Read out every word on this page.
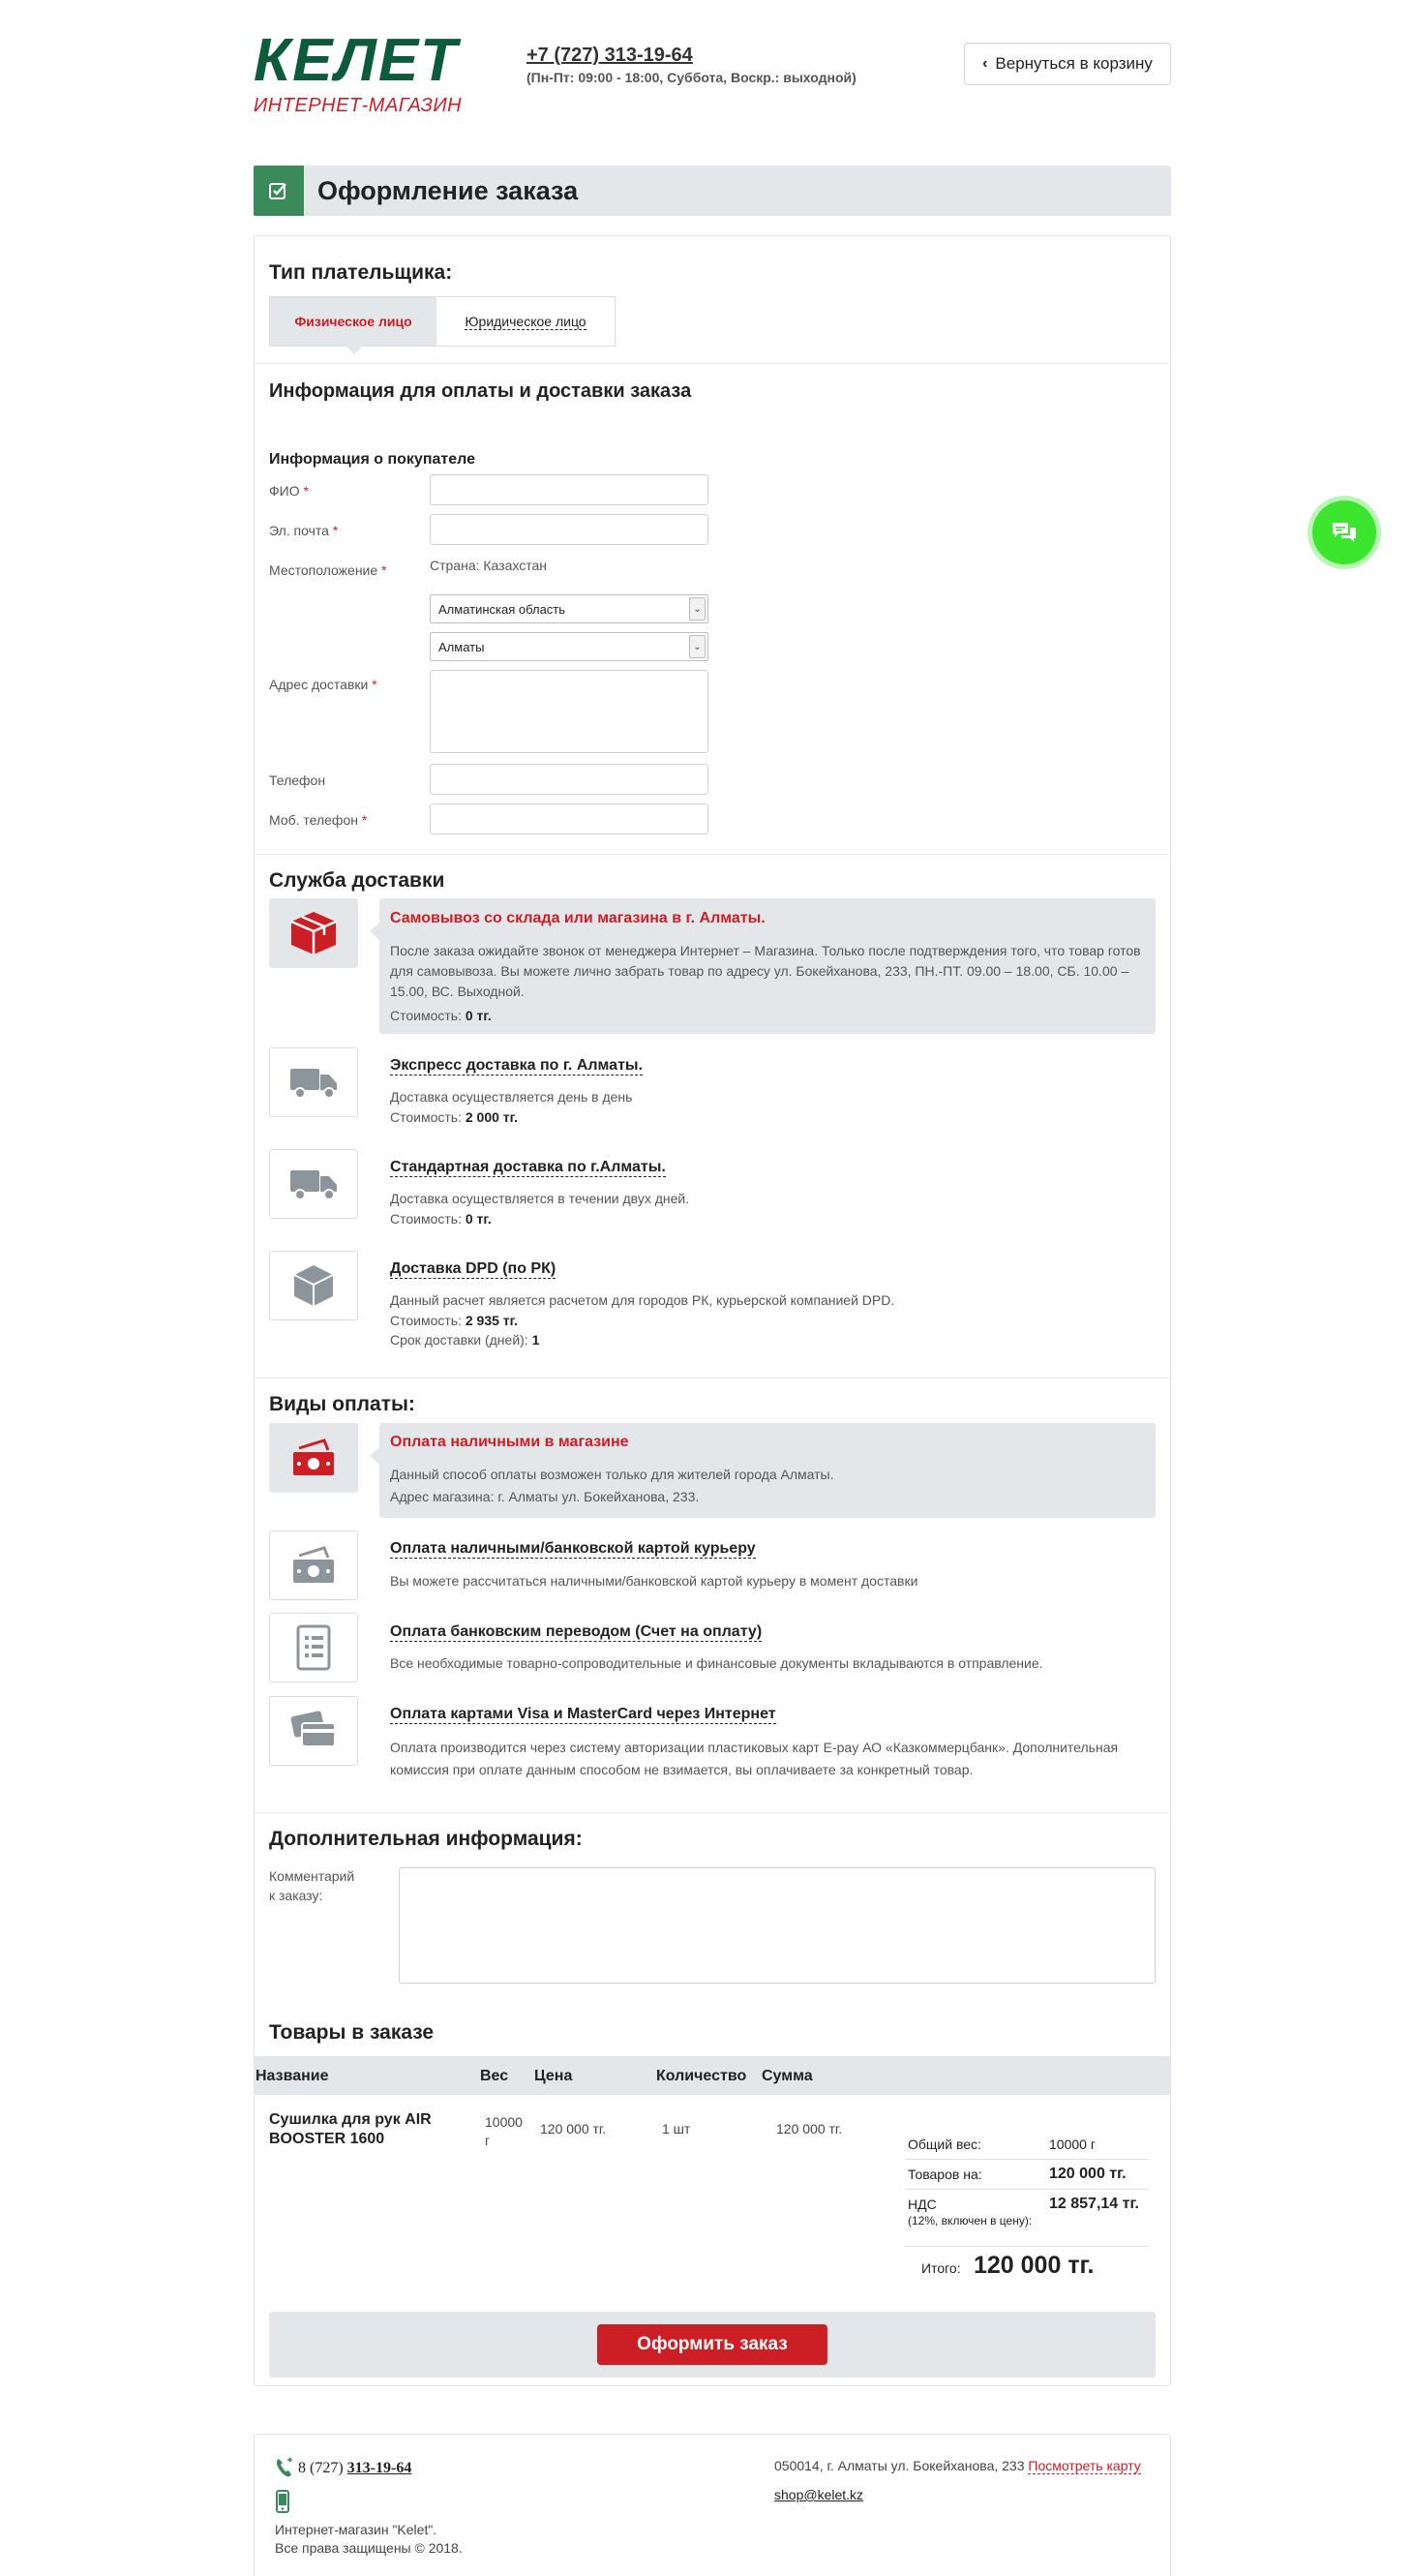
КЕЛЕТ
ИНТЕРНЕТ-МАГАЗИН
+7 (727) 313-19-64
(Пн-Пт: 09:00 - 18:00, Суббота, Воскр.: выходной)
‹ Вернуться в корзину
Оформление заказа
Тип плательщика:
Физическое лицо	Юридическое лицо
Информация для оплаты и доставки заказа
Информация о покупателе
ФИО *
Эл. почта *
Местоположение *	Страна: Казахстан
Алматинская область	⌄
Алматы	⌄
Адрес доставки *
Телефон
Моб. телефон *
Служба доставки
Самовывоз со склада или магазина в г. Алматы.
После заказа ожидайте звонок от менеджера Интернет – Магазина. Только после подтверждения того, что товар готов для самовывоза. Вы можете лично забрать товар по адресу ул. Бокейханова, 233, ПН.-ПТ. 09.00 – 18.00, СБ. 10.00 – 15.00, ВС. Выходной.
Стоимость: 0 тг.
Экспресс доставка по г. Алматы.
Доставка осуществляется день в день
Стоимость: 2 000 тг.
Стандартная доставка по г.Алматы.
Доставка осуществляется в течении двух дней.
Стоимость: 0 тг.
Доставка DPD (по РК)
Данный расчет является расчетом для городов РК, курьерской компанией DPD.
Стоимость: 2 935 тг.
Срок доставки (дней): 1
Виды оплаты:
Оплата наличными в магазине
Данный способ оплаты возможен только для жителей города Алматы.
Адрес магазина: г. Алматы ул. Бокейханова, 233.
Оплата наличными/банковской картой курьеру
Вы можете рассчитаться наличными/банковской картой курьеру в момент доставки
Оплата банковским переводом (Счет на оплату)
Все необходимые товарно-сопроводительные и финансовые документы вкладываются в отправление.
Оплата картами Visa и MasterCard через Интернет
Оплата производится через систему авторизации пластиковых карт E-pay АО «Казкоммерцбанк». Дополнительная комиссия при оплате данным способом не взимается, вы оплачиваете за конкретный товар.
Дополнительная информация:
Комментарий
к заказу:
Товары в заказе
Название	Вес Цена	Количество Сумма
Сушилка для рук AIR BOOSTER 1600
10000
г
120 000 тг.	1 шт	120 000 тг.
Общий вес:	10000 г
Товаров на:	120 000 тг.
НДС
(12%, включен в цену):
12 857,14 тг.
Итого: 120 000 тг.
Оформить заказ
8 (727) 313-19-64
Интернет-магазин "Kelet".
Все права защищены © 2018.
050014, г. Алматы ул. Бокейханова, 233 Посмотреть карту
shop@kelet.kz
